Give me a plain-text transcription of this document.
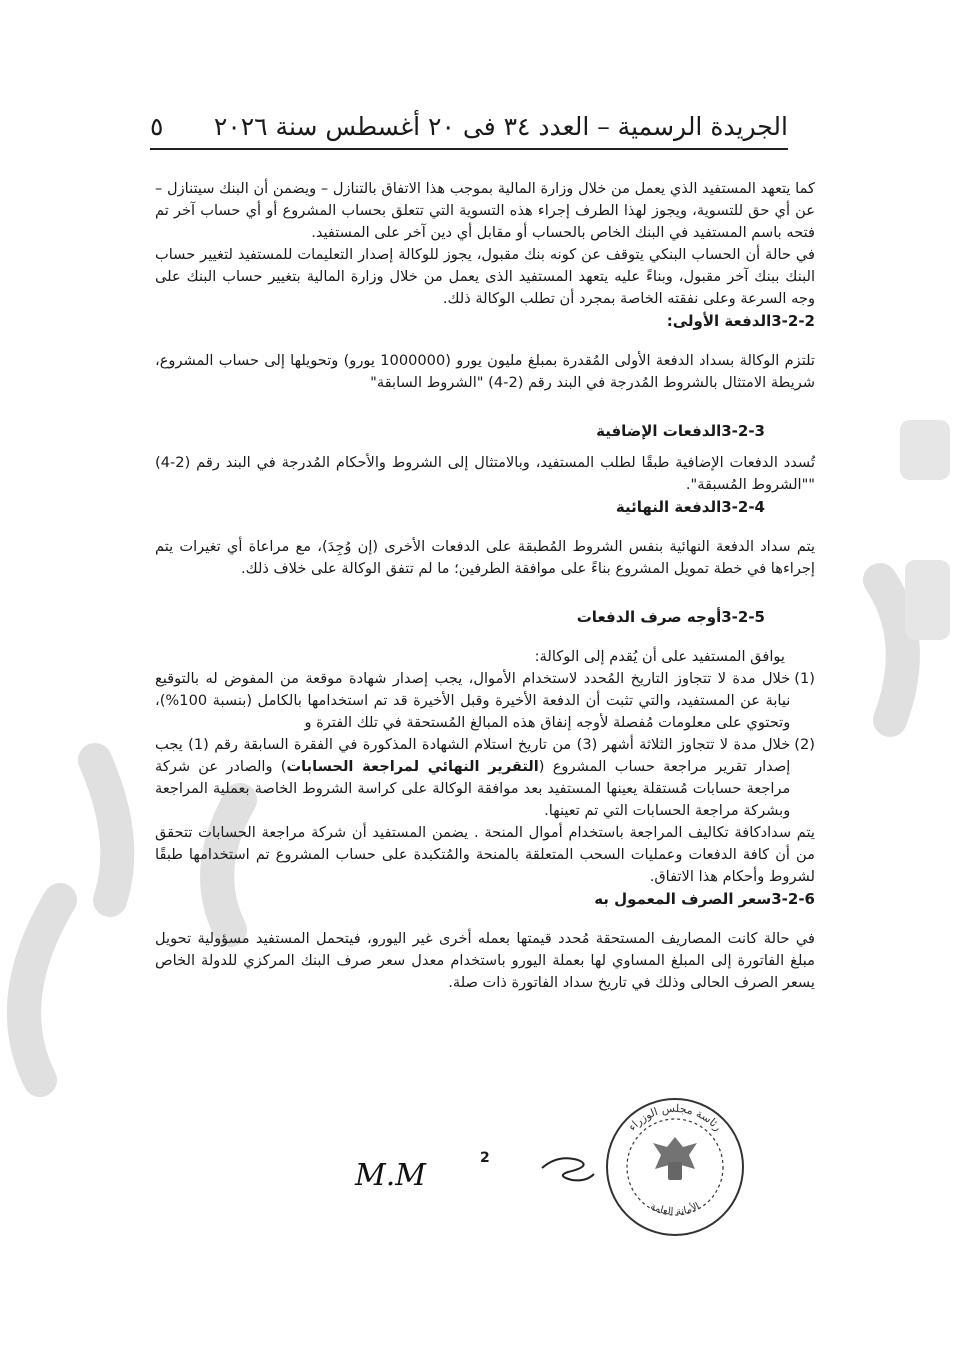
الجريدة الرسمية – العدد ٣٤ فى ٢٠ أغسطس سنة ٢٠٢٦
٥

كما يتعهد المستفيد الذي يعمل من خلال وزارة المالية بموجب هذا الاتفاق بالتنازل – ويضمن أن البنك سيتنازل – عن أي حق للتسوية، ويجوز لهذا الطرف إجراء هذه التسوية التي تتعلق بحساب المشروع أو أي حساب آخر تم فتحه باسم المستفيد في البنك الخاص بالحساب أو مقابل أي دين آخر على المستفيد.

في حالة أن الحساب البنكي يتوقف عن كونه بنك مقبول، يجوز للوكالة إصدار التعليمات للمستفيد لتغيير حساب البنك ببنك آخر مقبول، وبناءً عليه يتعهد المستفيد الذى يعمل من خلال وزارة المالية بتغيير حساب البنك على وجه السرعة وعلى نفقته الخاصة بمجرد أن تطلب الوكالة ذلك.

3-2-2الدفعة الأولى:

تلتزم الوكالة بسداد الدفعة الأولى المُقدرة بمبلغ مليون يورو (1000000 يورو) وتحويلها إلى حساب المشروع، شريطة الامتثال بالشروط المُدرجة في البند رقم (2-4) "الشروط السابقة"

3-2-3الدفعات الإضافية

تُسدد الدفعات الإضافية طبقًا لطلب المستفيد، وبالامتثال إلى الشروط والأحكام المُدرجة في البند رقم (2-4) ""الشروط المُسبقة".

3-2-4الدفعة النهائية

يتم سداد الدفعة النهائية بنفس الشروط المُطبقة على الدفعات الأخرى (إن وُجِدَ)، مع مراعاة أي تغيرات يتم إجراءها في خطة تمويل المشروع بناءً على موافقة الطرفين؛ ما لم تتفق الوكالة على خلاف ذلك.

3-2-5أوجه صرف الدفعات

يوافق المستفيد على أن يُقدم إلى الوكالة:

(1)
خلال مدة لا تتجاوز التاريخ المُحدد لاستخدام الأموال، يجب إصدار شهادة موقعة من المفوض له بالتوقيع نيابة عن المستفيد، والتي تثبت أن الدفعة الأخيرة وقبل الأخيرة قد تم استخدامها بالكامل (بنسبة 100%)، وتحتوي على معلومات مُفصلة لأوجه إنفاق هذه المبالغ المُستحقة في تلك الفترة و
(2)
خلال مدة لا تتجاوز الثلاثة أشهر (3) من تاريخ استلام الشهادة المذكورة في الفقرة السابقة رقم (1) يجب إصدار تقرير مراجعة حساب المشروع (التقرير النهائي لمراجعة الحسابات) والصادر عن شركة مراجعة حسابات مُستقلة يعينها المستفيد بعد موافقة الوكالة على كراسة الشروط الخاصة بعملية المراجعة وبشركة مراجعة الحسابات التي تم تعينها.

يتم سدادكافة تكاليف المراجعة باستخدام أموال المنحة . يضمن المستفيد أن شركة مراجعة الحسابات تتحقق من أن كافة الدفعات وعمليات السحب المتعلقة بالمنحة والمُتكبدة على حساب المشروع تم استخدامها طبقًا لشروط وأحكام هذا الاتفاق.

3-2-6سعر الصرف المعمول به

في حالة كانت المصاريف المستحقة مُحدد قيمتها بعمله أخرى غير اليورو، فيتحمل المستفيد مسؤولية تحويل مبلغ الفاتورة إلى المبلغ المساوي لها بعملة اليورو باستخدام معدل سعر صرف البنك المركزي للدولة الخاص يسعر الصرف الحالى وذلك في تاريخ سداد الفاتورة ذات صلة.

M.M	2
رئاسة مجلس الوزراء
الأمانة العامة
